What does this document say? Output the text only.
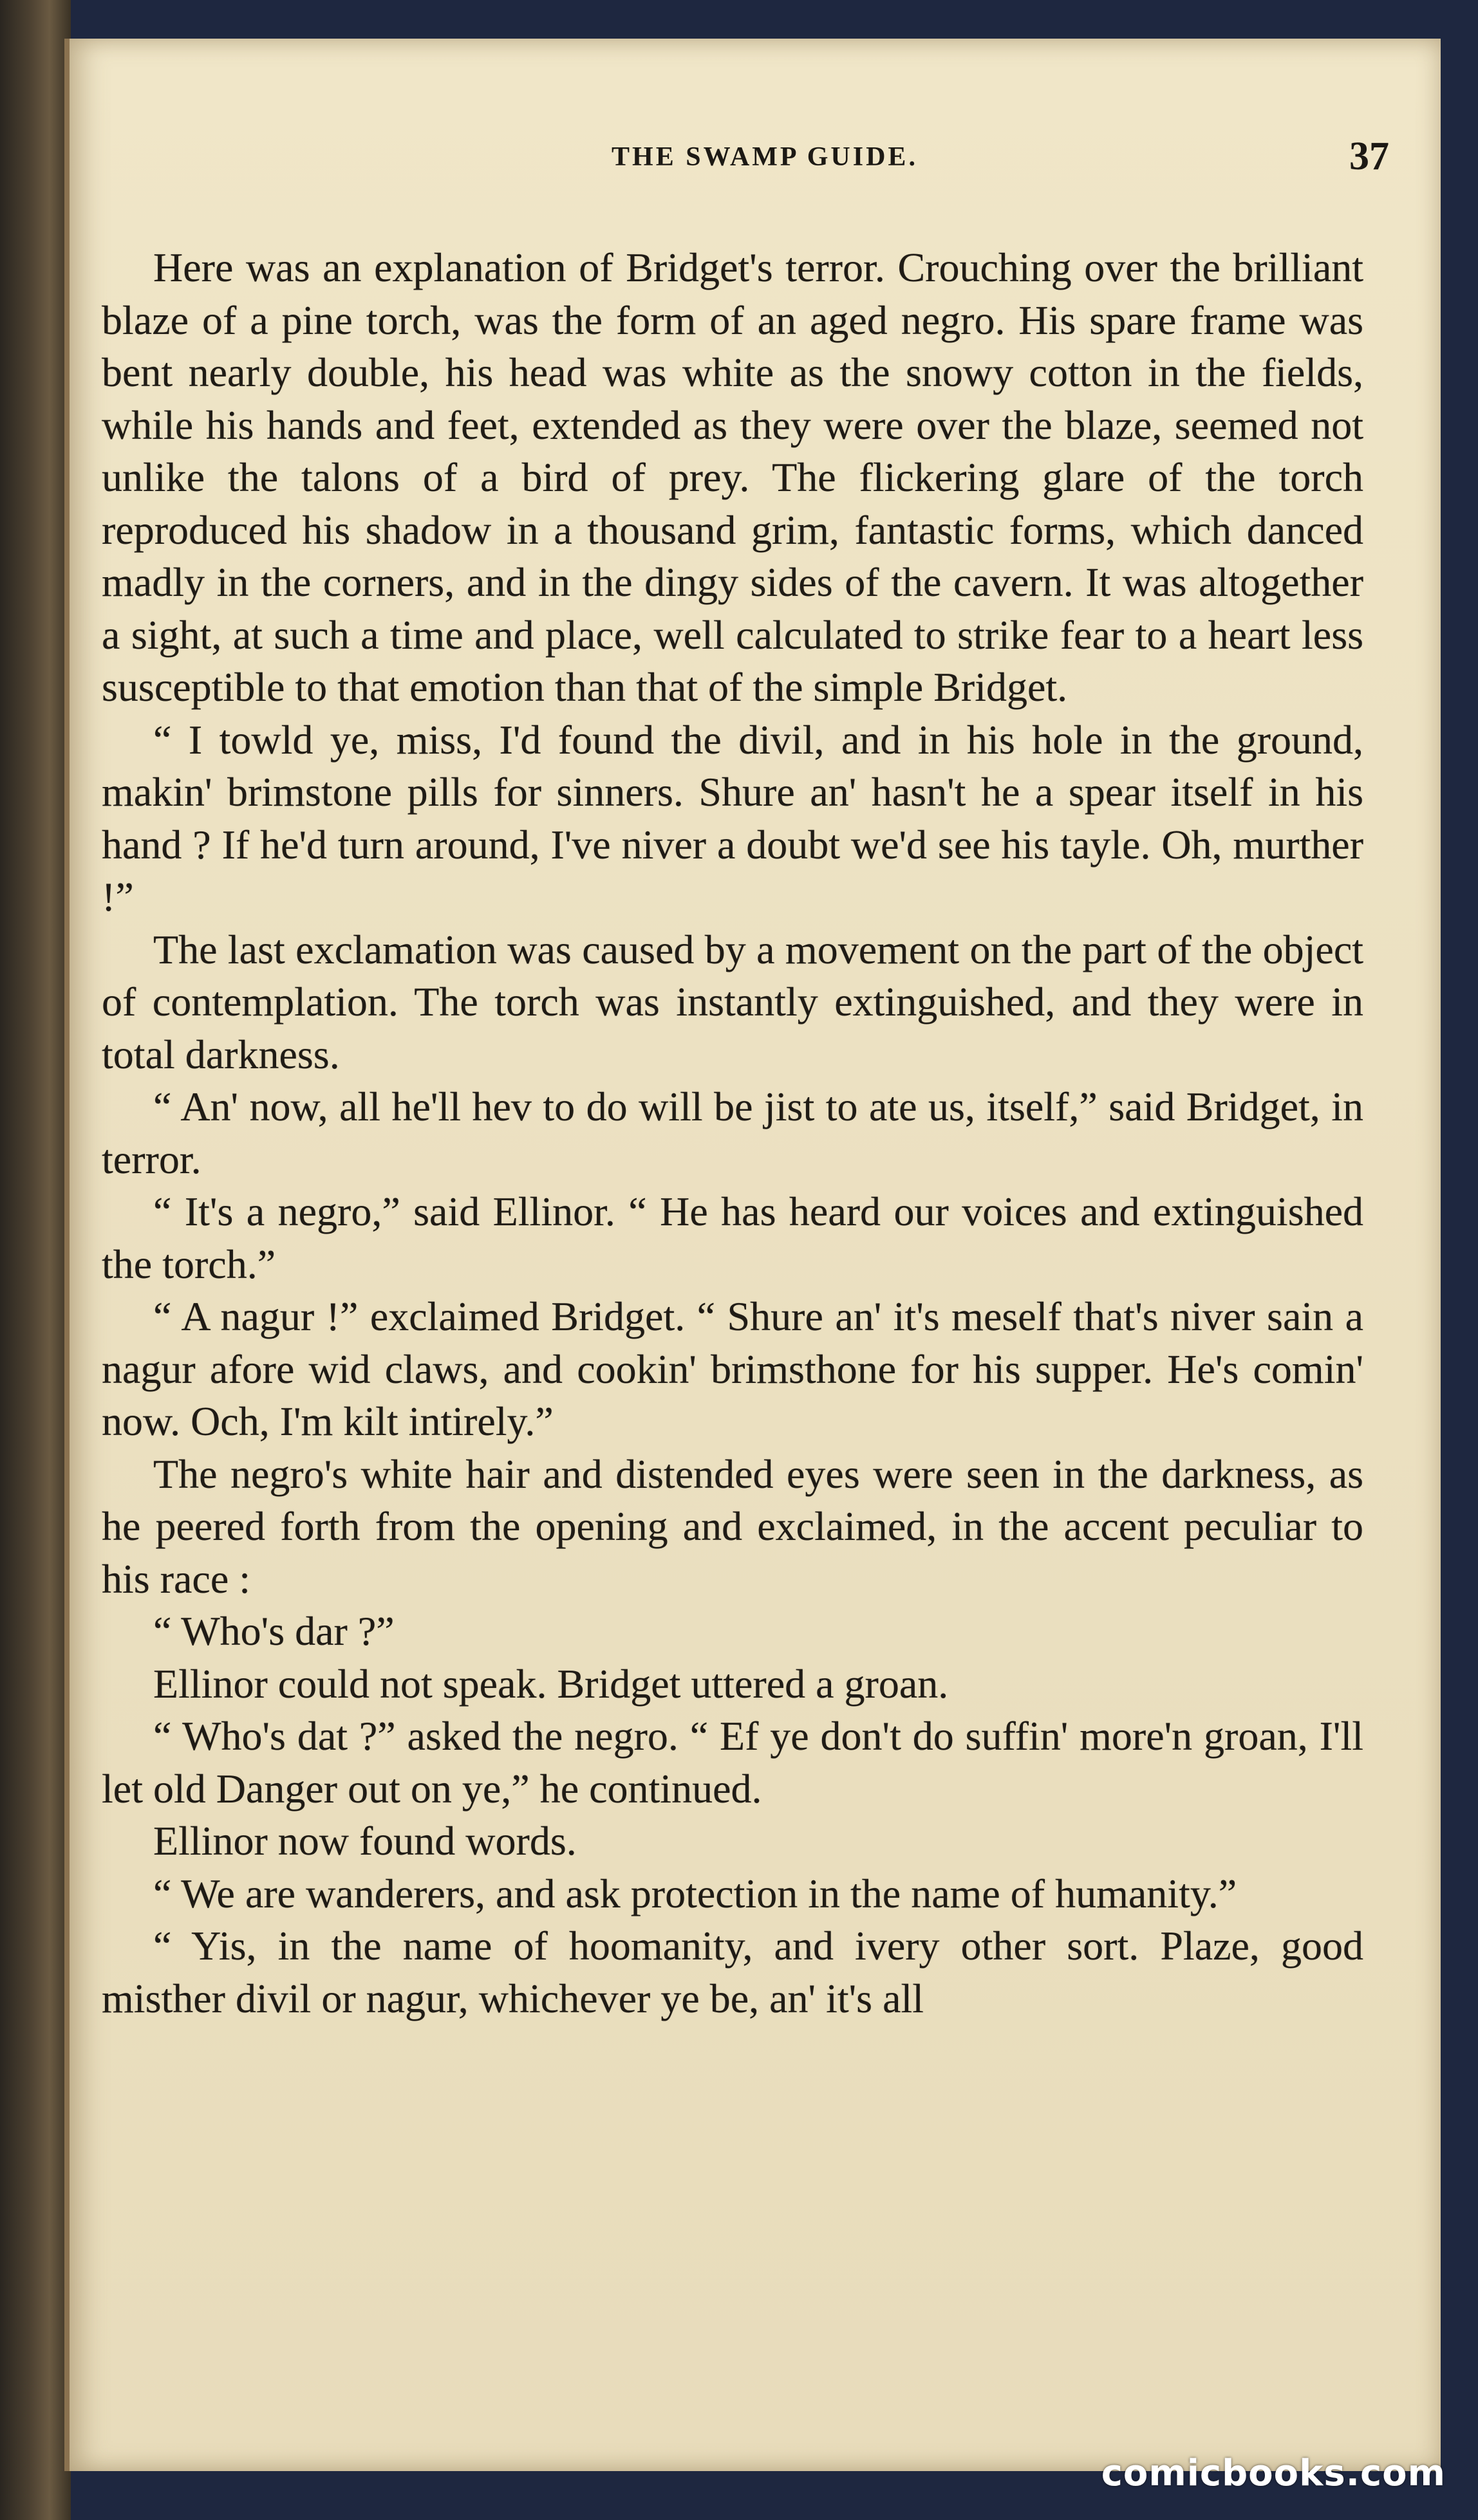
THE SWAMP GUIDE.	37

Here was an explanation of Bridget's terror. Crouching over the brilliant blaze of a pine torch, was the form of an aged negro. His spare frame was bent nearly double, his head was white as the snowy cotton in the fields, while his hands and feet, extended as they were over the blaze, seemed not unlike the talons of a bird of prey. The flickering glare of the torch reproduced his shadow in a thousand grim, fantastic forms, which danced madly in the corners, and in the dingy sides of the cavern. It was altogether a sight, at such a time and place, well calculated to strike fear to a heart less susceptible to that emotion than that of the simple Bridget.

“ I towld ye, miss, I'd found the divil, and in his hole in the ground, makin' brimstone pills for sinners. Shure an' hasn't he a spear itself in his hand ? If he'd turn around, I've niver a doubt we'd see his tayle. Oh, murther !”

The last exclamation was caused by a movement on the part of the object of contemplation. The torch was instantly extinguished, and they were in total darkness.

“ An' now, all he'll hev to do will be jist to ate us, itself,” said Bridget, in terror.

“ It's a negro,” said Ellinor. “ He has heard our voices and extinguished the torch.”

“ A nagur !” exclaimed Bridget. “ Shure an' it's meself that's niver sain a nagur afore wid claws, and cookin' brimsthone for his supper. He's comin' now. Och, I'm kilt intirely.”

The negro's white hair and distended eyes were seen in the darkness, as he peered forth from the opening and exclaimed, in the accent peculiar to his race :

“ Who's dar ?”

Ellinor could not speak. Bridget uttered a groan.

“ Who's dat ?” asked the negro. “ Ef ye don't do suffin' more'n groan, I'll let old Danger out on ye,” he continued.

Ellinor now found words.

“ We are wanderers, and ask protection in the name of humanity.”

“ Yis, in the name of hoomanity, and ivery other sort. Plaze, good misther divil or nagur, whichever ye be, an' it's all

comicbooks.com
